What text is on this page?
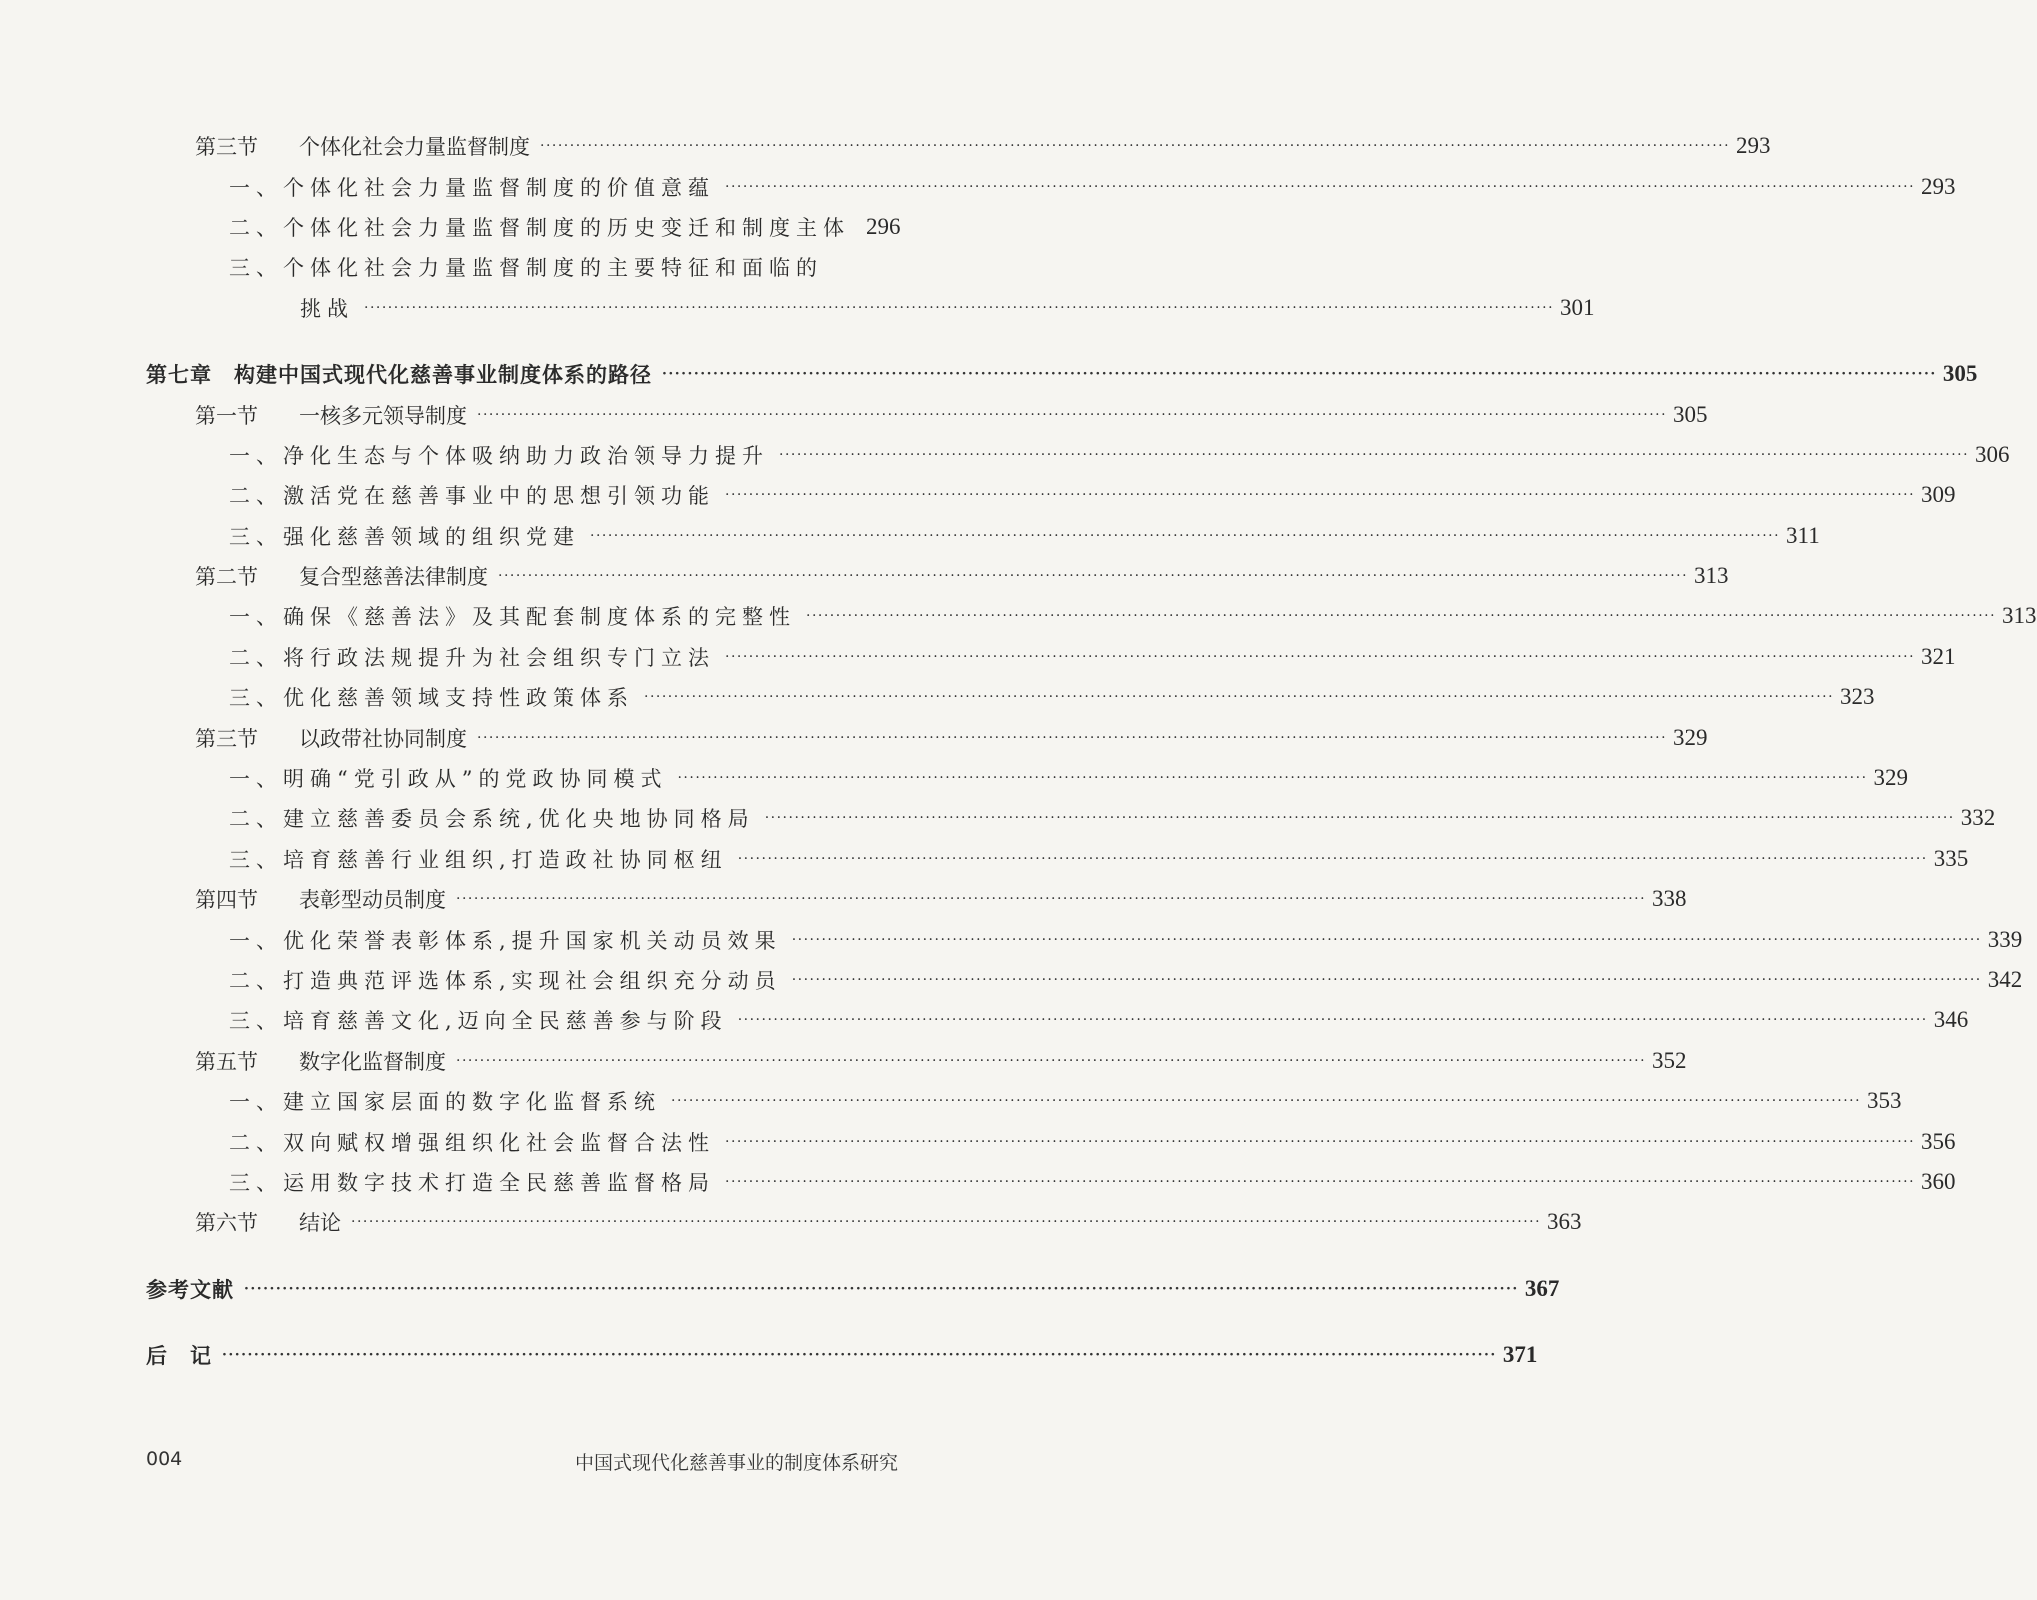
第三节 个体化社会力量监督制度 ········································································································································································································ 293
一、个体化社会力量监督制度的价值意蕴 ········································································································································································································ 293
二、个体化社会力量监督制度的历史变迁和制度主体 296
三、个体化社会力量监督制度的主要特征和面临的
挑战 ········································································································································································································ 301
第七章　构建中国式现代化慈善事业制度体系的路径 ········································································································································································································ 305
第一节 一核多元领导制度 ········································································································································································································ 305
一、净化生态与个体吸纳助力政治领导力提升 ········································································································································································································ 306
二、激活党在慈善事业中的思想引领功能 ········································································································································································································ 309
三、强化慈善领域的组织党建 ········································································································································································································ 311
第二节 复合型慈善法律制度 ········································································································································································································ 313
一、确保《慈善法》及其配套制度体系的完整性 ········································································································································································································ 313
二、将行政法规提升为社会组织专门立法 ········································································································································································································ 321
三、优化慈善领域支持性政策体系 ········································································································································································································ 323
第三节 以政带社协同制度 ········································································································································································································ 329
一、明确“党引政从”的党政协同模式 ········································································································································································································ 329
二、建立慈善委员会系统,优化央地协同格局 ········································································································································································································ 332
三、培育慈善行业组织,打造政社协同枢纽 ········································································································································································································ 335
第四节 表彰型动员制度 ········································································································································································································ 338
一、优化荣誉表彰体系,提升国家机关动员效果 ········································································································································································································ 339
二、打造典范评选体系,实现社会组织充分动员 ········································································································································································································ 342
三、培育慈善文化,迈向全民慈善参与阶段 ········································································································································································································ 346
第五节 数字化监督制度 ········································································································································································································ 352
一、建立国家层面的数字化监督系统 ········································································································································································································ 353
二、双向赋权增强组织化社会监督合法性 ········································································································································································································ 356
三、运用数字技术打造全民慈善监督格局 ········································································································································································································ 360
第六节 结论 ········································································································································································································ 363
参考文献 ········································································································································································································ 367
后　记 ········································································································································································································ 371
004	中国式现代化慈善事业的制度体系研究
